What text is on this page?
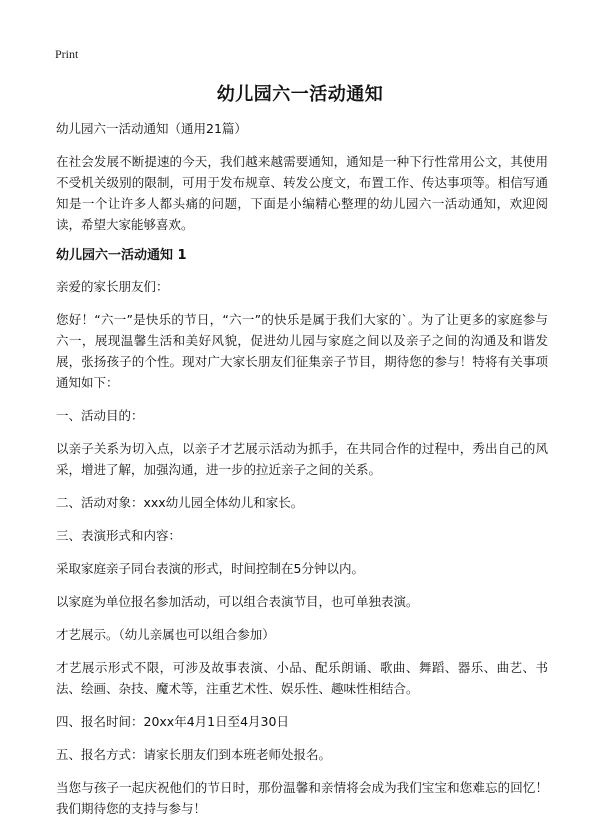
Print
幼儿园六一活动通知

幼儿园六一活动通知（通用21篇）

在社会发展不断提速的今天，我们越来越需要通知，通知是一种下行性常用公文，其使用不受机关级别的限制，可用于发布规章、转发公度文，布置工作、传达事项等。相信写通知是一个让许多人都头痛的问题，下面是小编精心整理的幼儿园六一活动通知，欢迎阅读，希望大家能够喜欢。

幼儿园六一活动通知 1

亲爱的家长朋友们：

您好！“六一”是快乐的节日，“六一”的快乐是属于我们大家的`。为了让更多的家庭参与六一，展现温馨生活和美好风貌，促进幼儿园与家庭之间以及亲子之间的沟通及和谐发展，张扬孩子的个性。现对广大家长朋友们征集亲子节目，期待您的参与！特将有关事项通知如下：

一、活动目的：

以亲子关系为切入点，以亲子才艺展示活动为抓手，在共同合作的过程中，秀出自己的风采，增进了解，加强沟通，进一步的拉近亲子之间的关系。

二、活动对象：xxx幼儿园全体幼儿和家长。

三、表演形式和内容：

采取家庭亲子同台表演的形式，时间控制在5分钟以内。

以家庭为单位报名参加活动，可以组合表演节目，也可单独表演。

才艺展示。（幼儿亲属也可以组合参加）

才艺展示形式不限，可涉及故事表演、小品、配乐朗诵、歌曲、舞蹈、器乐、曲艺、书法、绘画、杂技、魔术等，注重艺术性、娱乐性、趣味性相结合。

四、报名时间：20xx年4月1日至4月30日

五、报名方式：请家长朋友们到本班老师处报名。

当您与孩子一起庆祝他们的节日时，那份温馨和亲情将会成为我们宝宝和您难忘的回忆！我们期待您的支持与参与！
